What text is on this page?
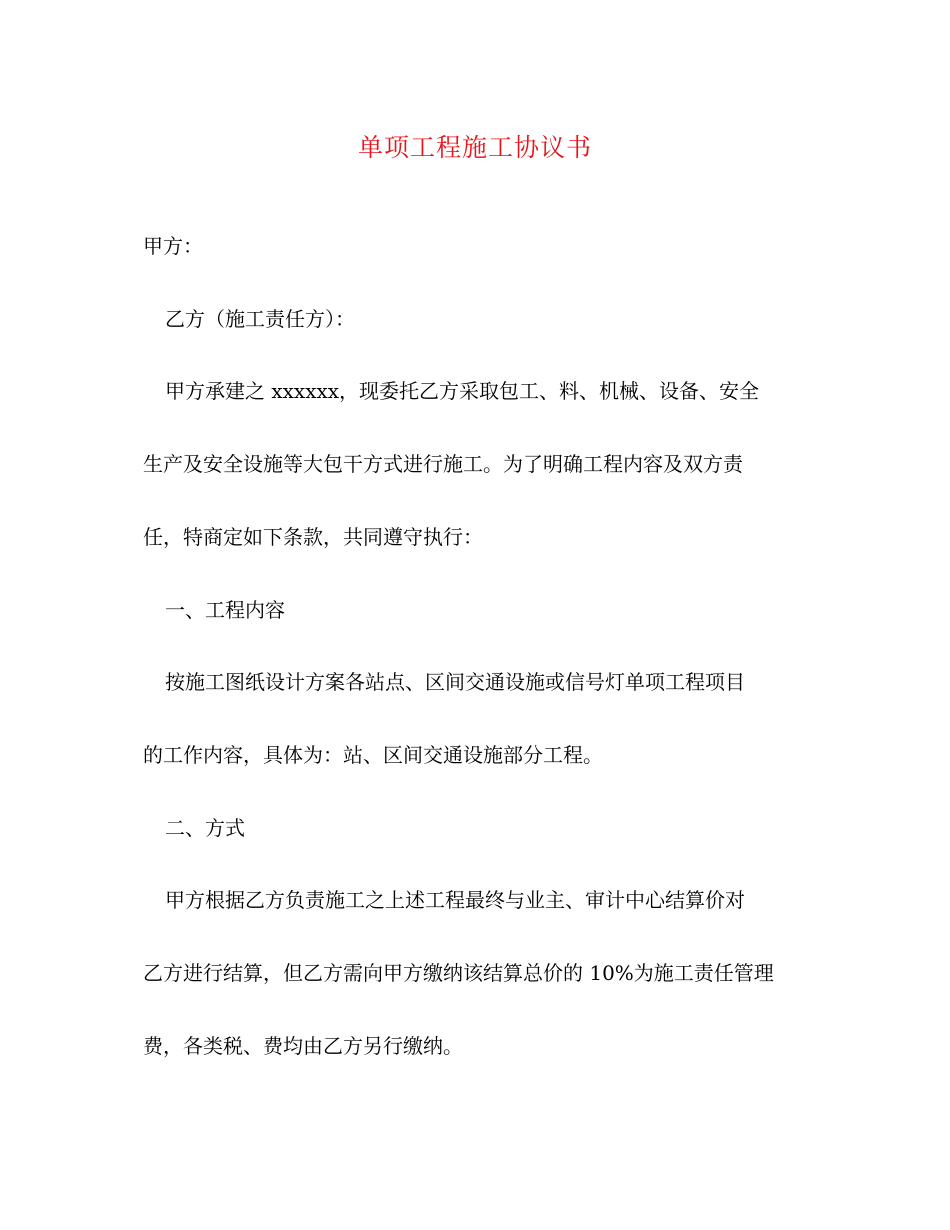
单项工程施工协议书

甲方：

乙方（施工责任方）：

甲方承建之 xxxxxx，现委托乙方采取包工、料、机械、设备、安全
生产及安全设施等大包干方式进行施工。为了明确工程内容及双方责
任，特商定如下条款，共同遵守执行：

一、工程内容

按施工图纸设计方案各站点、区间交通设施或信号灯单项工程项目
的工作内容，具体为：站、区间交通设施部分工程。

二、方式

甲方根据乙方负责施工之上述工程最终与业主、审计中心结算价对
乙方进行结算，但乙方需向甲方缴纳该结算总价的 10%为施工责任管理
费，各类税、费均由乙方另行缴纳。
